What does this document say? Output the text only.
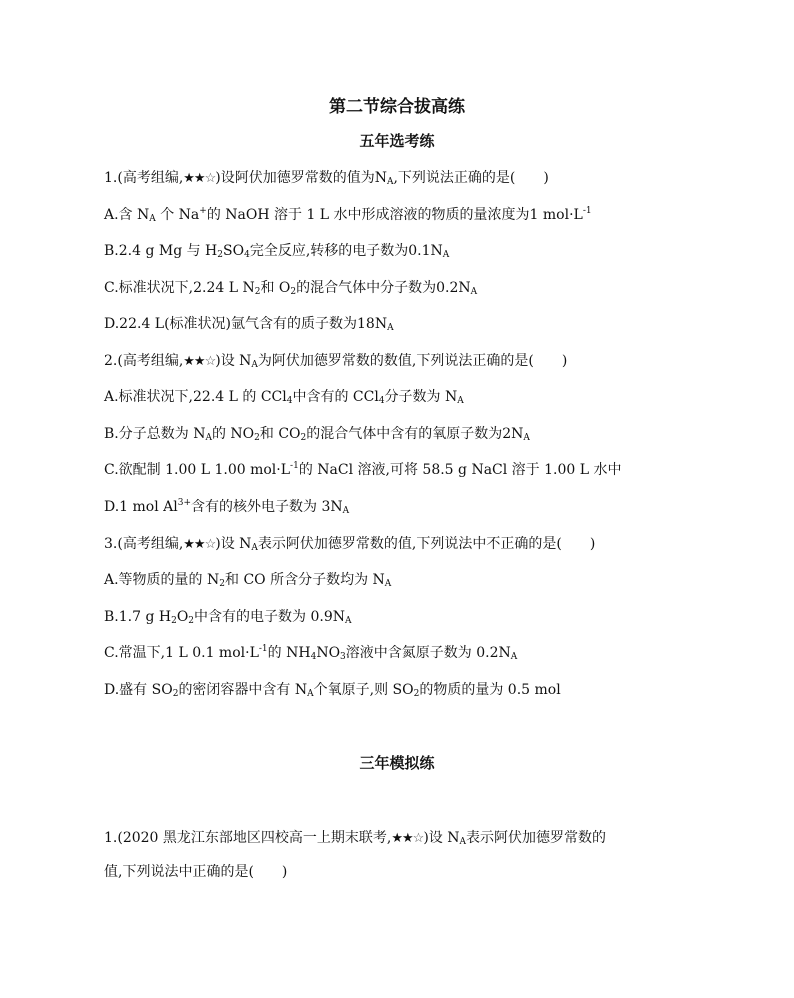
第二节综合拔高练
五年选考练
1.(高考组编,★★☆)设阿伏加德罗常数的值为$N_A$,下列说法正确的是(　　)
A.含 $N_A$ 个 Na+的 NaOH 溶于 1 L 水中形成溶液的物质的量浓度为1 $mol\cdot L^{-1}$
B.2.4 g Mg 与 $H_2SO_4$完全反应,转移的电子数为$0.1N_A$
C.标准状况下,2.24 L $N_2$和 $O_2$的混合气体中分子数为$0.2N_A$
D.22.4 L(标准状况)氩气含有的质子数为$18N_A$
2.(高考组编,★★☆)设 $N_A$为阿伏加德罗常数的数值,下列说法正确的是(　　)
A.标准状况下,22.4 L 的 CCl$_4$中含有的 CCl$_4$分子数为 $N_A$
B.分子总数为 $N_A$的 $NO_2$和 $CO_2$的混合气体中含有的氧原子数为$2N_A$
C.欲配制 1.00 L 1.00 $mol\cdot L^{-1}$的 NaCl 溶液,可将 58.5 g NaCl 溶于 1.00 L 水中
D.1 mol $Al^{3+}$含有的核外电子数为 $3N_A$
3.(高考组编,★★☆)设 $N_A$表示阿伏加德罗常数的值,下列说法中不正确的是(　　)
A.等物质的量的 $N_2$和 CO 所含分子数均为 $N_A$
B.1.7 g $H_2O_2$中含有的电子数为 $0.9N_A$
C.常温下,1 L 0.1 $mol\cdot L^{-1}$的 $NH_4NO_3$溶液中含氮原子数为 $0.2N_A$
D.盛有 $SO_2$的密闭容器中含有 $N_A$个氧原子,则 $SO_2$的物质的量为 0.5 mol
三年模拟练
1.(2020 黑龙江东部地区四校高一上期末联考,★★☆)设 $N_A$表示阿伏加德罗常数的
值,下列说法中正确的是(　　)
